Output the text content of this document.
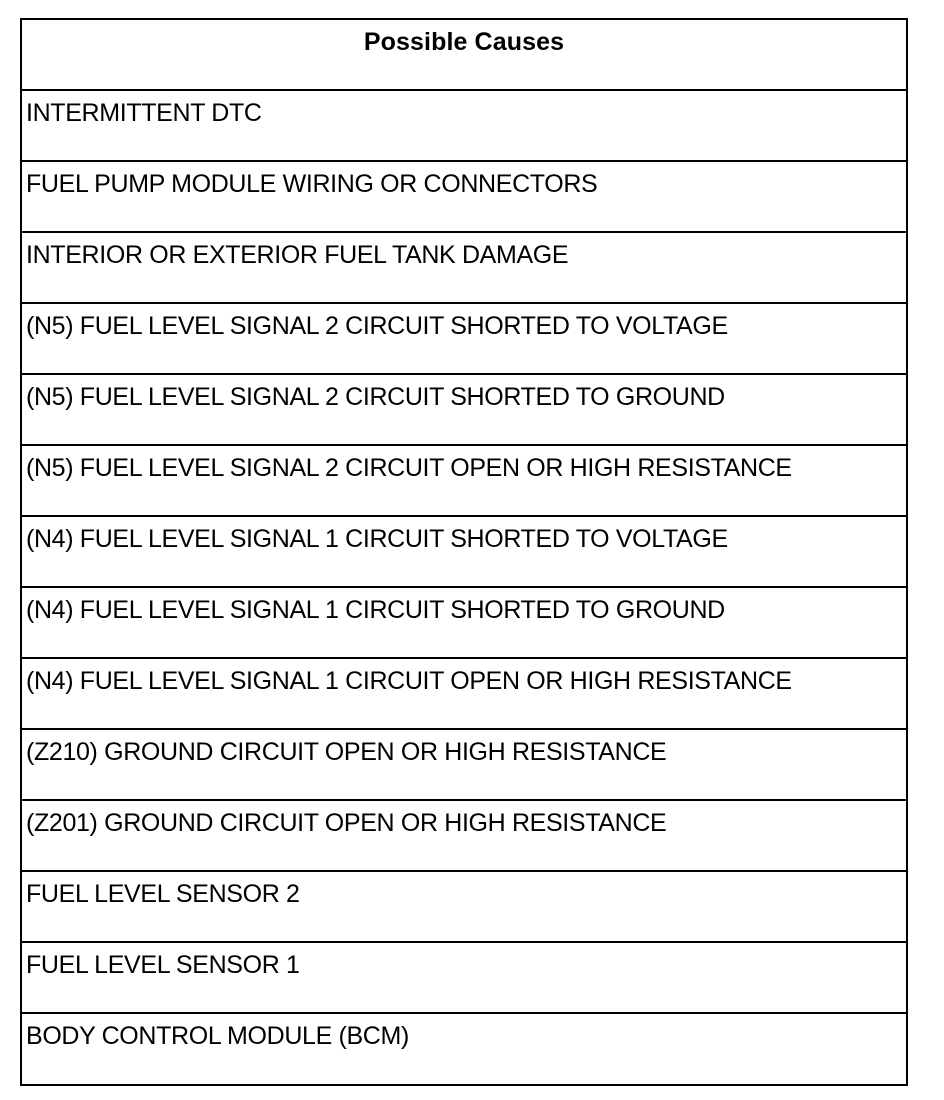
Possible Causes
INTERMITTENT DTC
FUEL PUMP MODULE WIRING OR CONNECTORS
INTERIOR OR EXTERIOR FUEL TANK DAMAGE
(N5) FUEL LEVEL SIGNAL 2 CIRCUIT SHORTED TO VOLTAGE
(N5) FUEL LEVEL SIGNAL 2 CIRCUIT SHORTED TO GROUND
(N5) FUEL LEVEL SIGNAL 2 CIRCUIT OPEN OR HIGH RESISTANCE
(N4) FUEL LEVEL SIGNAL 1 CIRCUIT SHORTED TO VOLTAGE
(N4) FUEL LEVEL SIGNAL 1 CIRCUIT SHORTED TO GROUND
(N4) FUEL LEVEL SIGNAL 1 CIRCUIT OPEN OR HIGH RESISTANCE
(Z210) GROUND CIRCUIT OPEN OR HIGH RESISTANCE
(Z201) GROUND CIRCUIT OPEN OR HIGH RESISTANCE
FUEL LEVEL SENSOR 2
FUEL LEVEL SENSOR 1
BODY CONTROL MODULE (BCM)
